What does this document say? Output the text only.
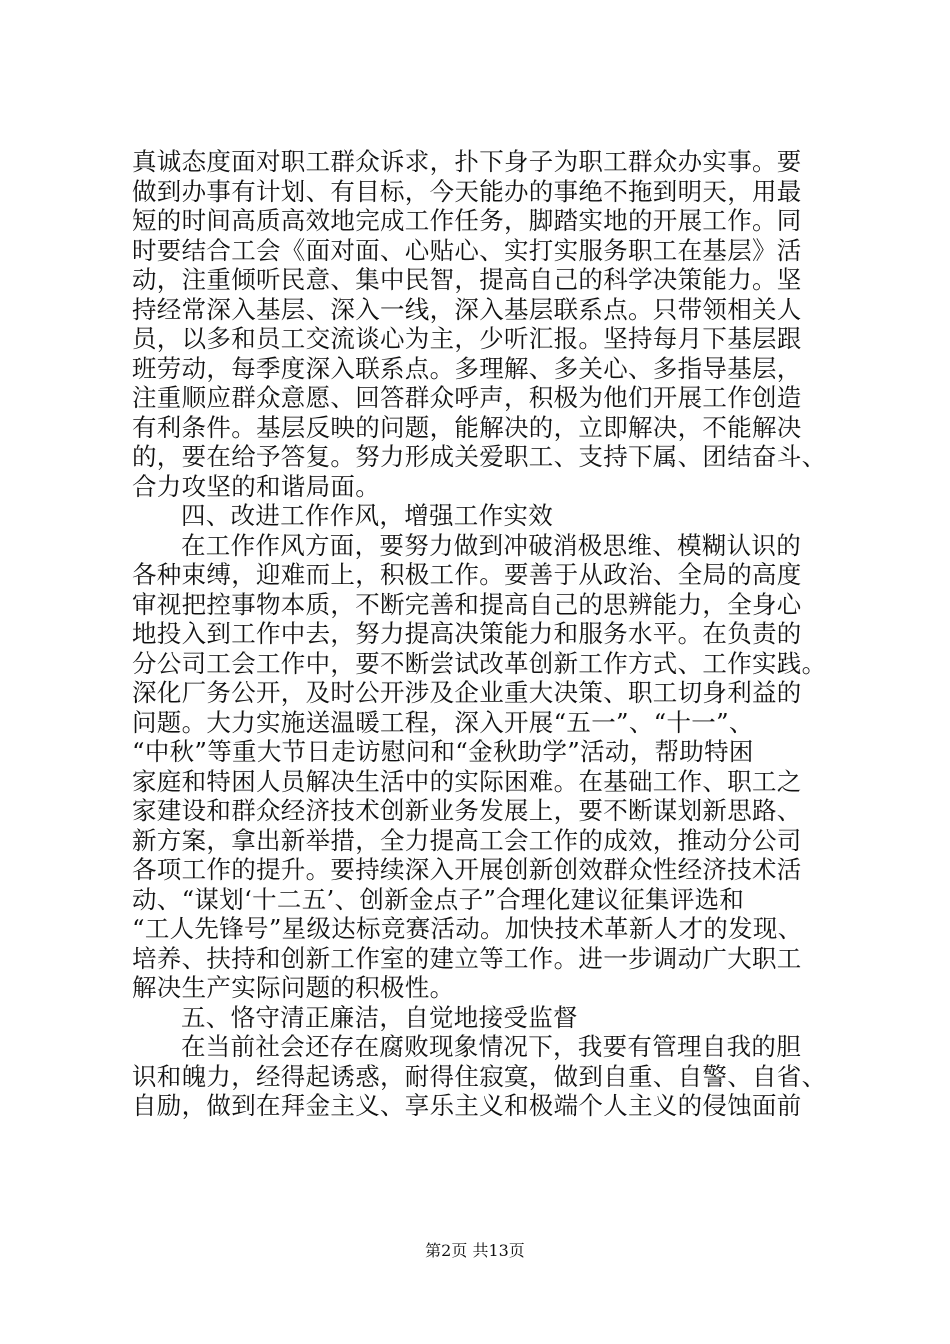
真诚态度面对职工群众诉求，扑下身子为职工群众办实事。要
做到办事有计划、有目标，今天能办的事绝不拖到明天，用最
短的时间高质高效地完成工作任务，脚踏实地的开展工作。同
时要结合工会《面对面、心贴心、实打实服务职工在基层》活
动，注重倾听民意、集中民智，提高自己的科学决策能力。坚
持经常深入基层、深入一线，深入基层联系点。只带领相关人
员，以多和员工交流谈心为主，少听汇报。坚持每月下基层跟
班劳动，每季度深入联系点。多理解、多关心、多指导基层，
注重顺应群众意愿、回答群众呼声，积极为他们开展工作创造
有利条件。基层反映的问题，能解决的，立即解决，不能解决
的，要在给予答复。努力形成关爱职工、支持下属、团结奋斗、
合力攻坚的和谐局面。
四、改进工作作风，增强工作实效
在工作作风方面，要努力做到冲破消极思维、模糊认识的
各种束缚，迎难而上，积极工作。要善于从政治、全局的高度
审视把控事物本质，不断完善和提高自己的思辨能力，全身心
地投入到工作中去，努力提高决策能力和服务水平。在负责的
分公司工会工作中，要不断尝试改革创新工作方式、工作实践。
深化厂务公开，及时公开涉及企业重大决策、职工切身利益的
问题。大力实施送温暖工程，深入开展“五一”、“十一”、
“中秋”等重大节日走访慰问和“金秋助学”活动，帮助特困
家庭和特困人员解决生活中的实际困难。在基础工作、职工之
家建设和群众经济技术创新业务发展上，要不断谋划新思路、
新方案，拿出新举措，全力提高工会工作的成效，推动分公司
各项工作的提升。要持续深入开展创新创效群众性经济技术活
动、“谋划‘十二五’、创新金点子”合理化建议征集评选和
“工人先锋号”星级达标竞赛活动。加快技术革新人才的发现、
培养、扶持和创新工作室的建立等工作。进一步调动广大职工
解决生产实际问题的积极性。
五、恪守清正廉洁，自觉地接受监督
在当前社会还存在腐败现象情况下，我要有管理自我的胆
识和魄力，经得起诱惑，耐得住寂寞，做到自重、自警、自省、
自励，做到在拜金主义、享乐主义和极端个人主义的侵蚀面前
第2页 共13页
